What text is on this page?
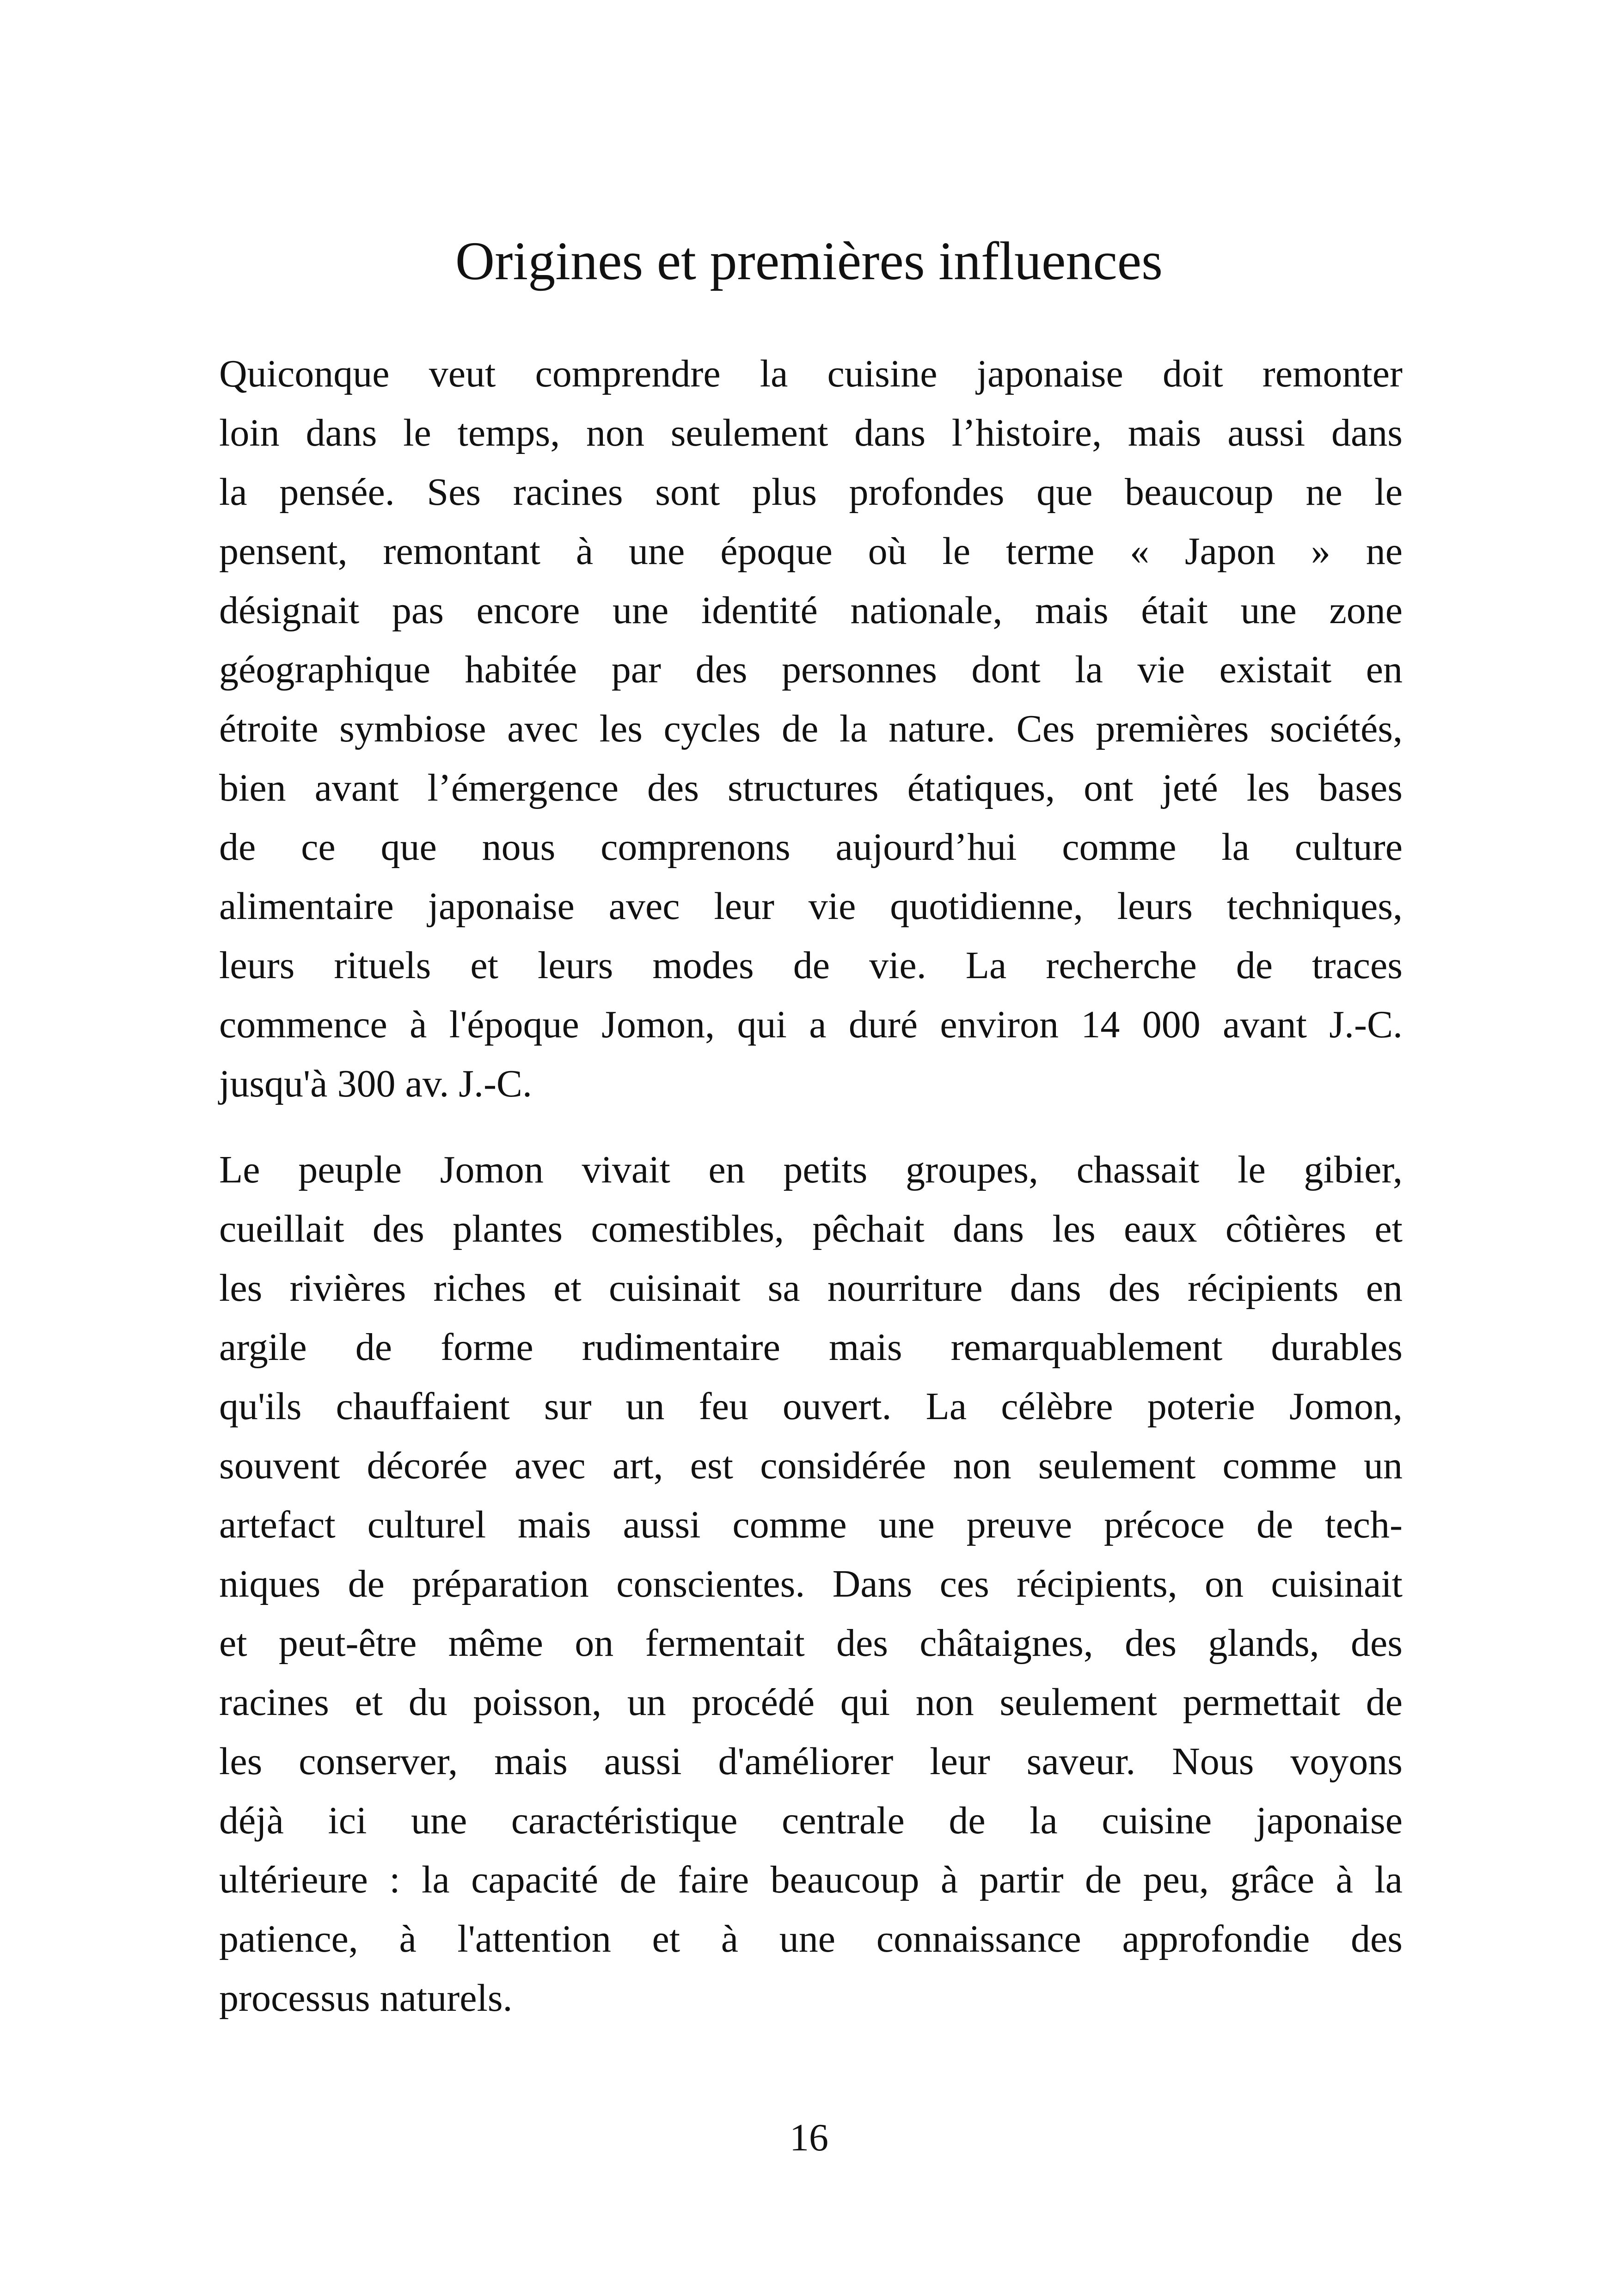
Origines et premières influences
Quiconque veut comprendre la cuisine japonaise doit remonter
loin dans le temps, non seulement dans l’histoire, mais aussi dans
la pensée. Ses racines sont plus profondes que beaucoup ne le
pensent, remontant à une époque où le terme « Japon » ne
désignait pas encore une identité nationale, mais était une zone
géographique habitée par des personnes dont la vie existait en
étroite symbiose avec les cycles de la nature. Ces premières sociétés,
bien avant l’émergence des structures étatiques, ont jeté les bases
de ce que nous comprenons aujourd’hui comme la culture
alimentaire japonaise avec leur vie quotidienne, leurs techniques,
leurs rituels et leurs modes de vie. La recherche de traces
commence à l'époque Jomon, qui a duré environ 14 000 avant J.-C.
jusqu'à 300 av. J.-C.
Le peuple Jomon vivait en petits groupes, chassait le gibier,
cueillait des plantes comestibles, pêchait dans les eaux côtières et
les rivières riches et cuisinait sa nourriture dans des récipients en
argile de forme rudimentaire mais remarquablement durables
qu'ils chauffaient sur un feu ouvert. La célèbre poterie Jomon,
souvent décorée avec art, est considérée non seulement comme un
artefact culturel mais aussi comme une preuve précoce de tech-
niques de préparation conscientes. Dans ces récipients, on cuisinait
et peut-être même on fermentait des châtaignes, des glands, des
racines et du poisson, un procédé qui non seulement permettait de
les conserver, mais aussi d'améliorer leur saveur. Nous voyons
déjà ici une caractéristique centrale de la cuisine japonaise
ultérieure : la capacité de faire beaucoup à partir de peu, grâce à la
patience, à l'attention et à une connaissance approfondie des
processus naturels.
16
